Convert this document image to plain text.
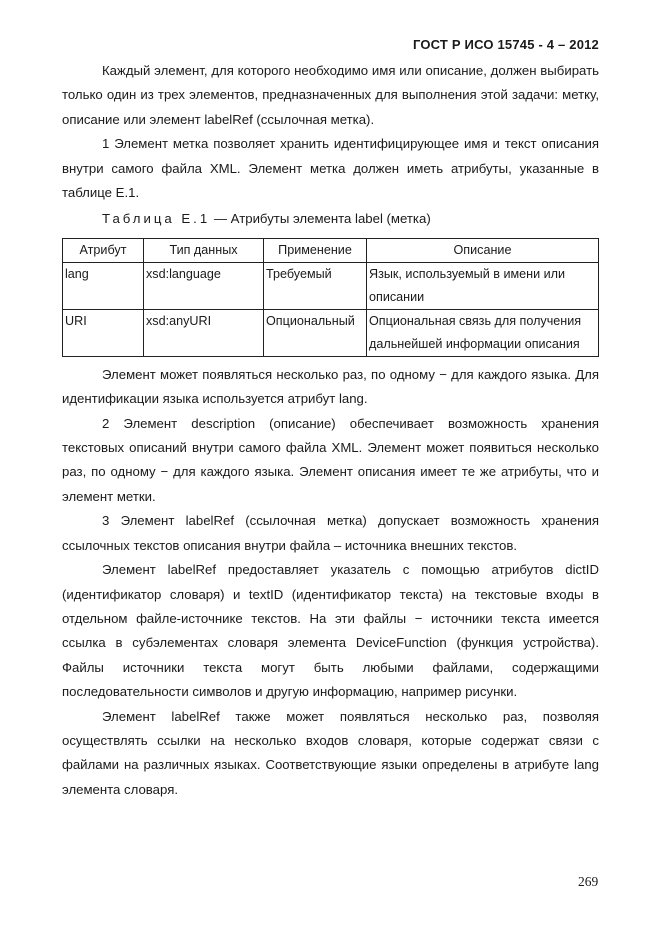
ГОСТ Р ИСО 15745 - 4 – 2012

Каждый элемент, для которого необходимо имя или описание, должен выбирать только один из трех элементов, предназначенных для выполнения этой задачи: метку, описание или элемент labelRef (ссылочная метка).

1 Элемент метка позволяет хранить идентифицирующее имя и текст описания внутри самого файла XML. Элемент метка должен иметь атрибуты, указанные в таблице Е.1.

Таблица Е.1 — Атрибуты элемента label (метка)

Атрибут	Тип данных	Применение	Описание
lang	xsd:language	Требуемый	Язык, используемый в имени или описании
URI	xsd:anyURI	Опциональный	Опциональная связь для получения дальнейшей информации описания

Элемент может появляться несколько раз, по одному − для каждого языка. Для идентификации языка используется атрибут lang.

2 Элемент description (описание) обеспечивает возможность хранения текстовых описаний внутри самого файла XML. Элемент может появиться несколько раз, по одному − для каждого языка. Элемент описания имеет те же атрибуты, что и элемент метки.

3 Элемент labelRef (ссылочная метка) допускает возможность хранения ссылочных текстов описания внутри файла – источника внешних текстов.

Элемент labelRef предоставляет указатель с помощью атрибутов dictID (идентификатор словаря) и textID (идентификатор текста) на текстовые входы в отдельном файле-источнике текстов. На эти файлы − источники текста имеется ссылка в субэлементах словаря элемента DeviceFunction (функция устройства). Файлы источники текста могут быть любыми файлами, содержащими последовательности символов и другую информацию, например рисунки.

Элемент labelRef также может появляться несколько раз, позволяя осуществлять ссылки на несколько входов словаря, которые содержат связи с файлами на различных языках. Соответствующие языки определены в атрибуте lang элемента словаря.

269
